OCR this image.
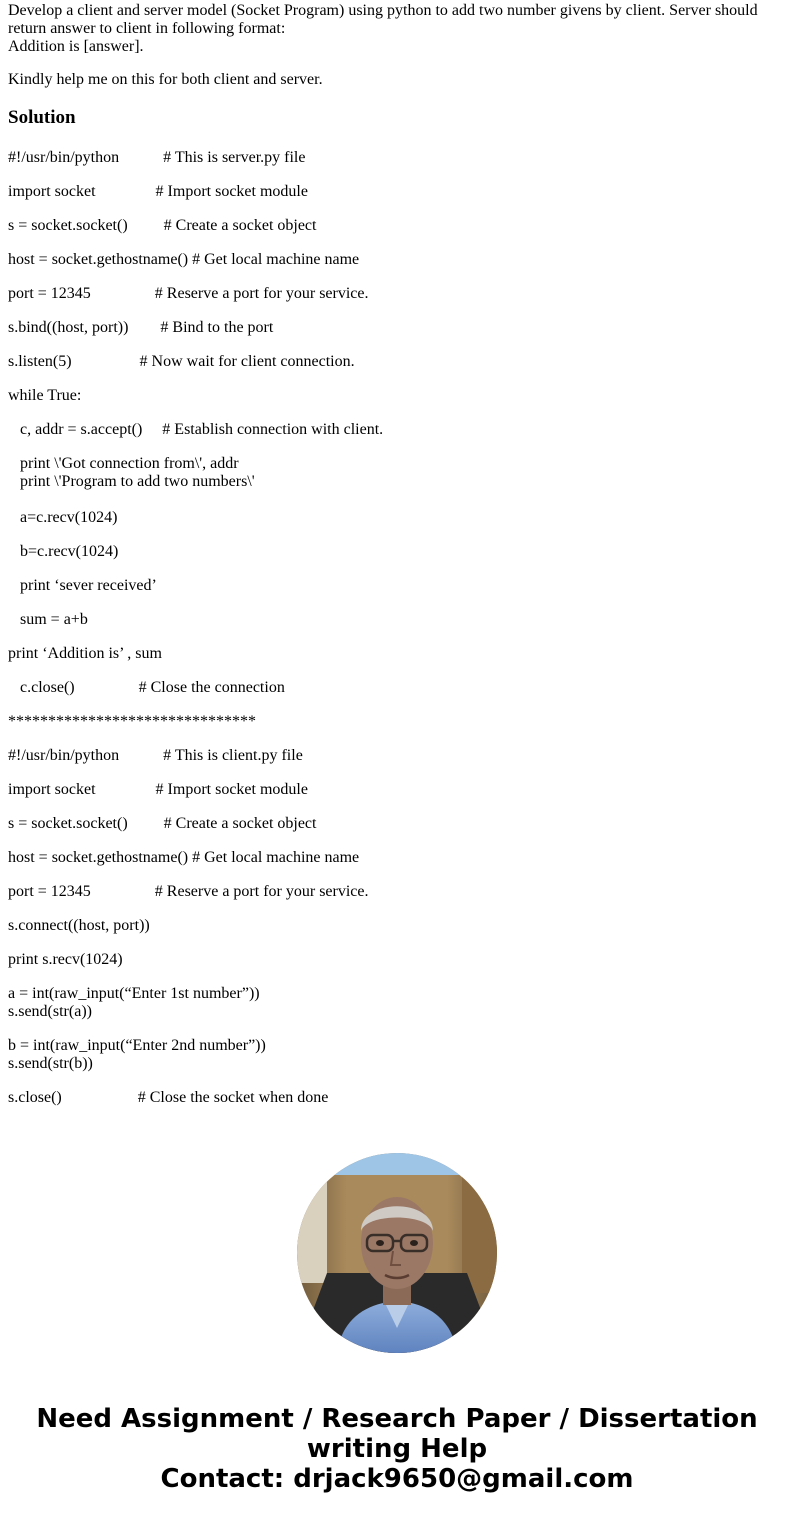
Develop a client and server model (Socket Program) using python to add two number givens by client. Server should
return answer to client in following format:
Addition is [answer].

Kindly help me on this for both client and server.

Solution

#!/usr/bin/python           # This is server.py file

import socket               # Import socket module

s = socket.socket()         # Create a socket object

host = socket.gethostname() # Get local machine name

port = 12345                # Reserve a port for your service.

s.bind((host, port))        # Bind to the port

s.listen(5)                 # Now wait for client connection.

while True:

c, addr = s.accept()     # Establish connection with client.

print \'Got connection from\', addr

print \'Program to add two numbers\'

a=c.recv(1024)

b=c.recv(1024)

print ‘sever received’

sum = a+b

print ‘Addition is’ , sum

c.close()                # Close the connection

*******************************

#!/usr/bin/python           # This is client.py file

import socket               # Import socket module

s = socket.socket()         # Create a socket object

host = socket.gethostname() # Get local machine name

port = 12345                # Reserve a port for your service.

s.connect((host, port))

print s.recv(1024)

a = int(raw_input(“Enter 1st number”))

s.send(str(a))

b = int(raw_input(“Enter 2nd number”))

s.send(str(b))

s.close()                   # Close the socket when done

Need Assignment / Research Paper / Dissertation
writing Help
Contact: drjack9650@gmail.com
